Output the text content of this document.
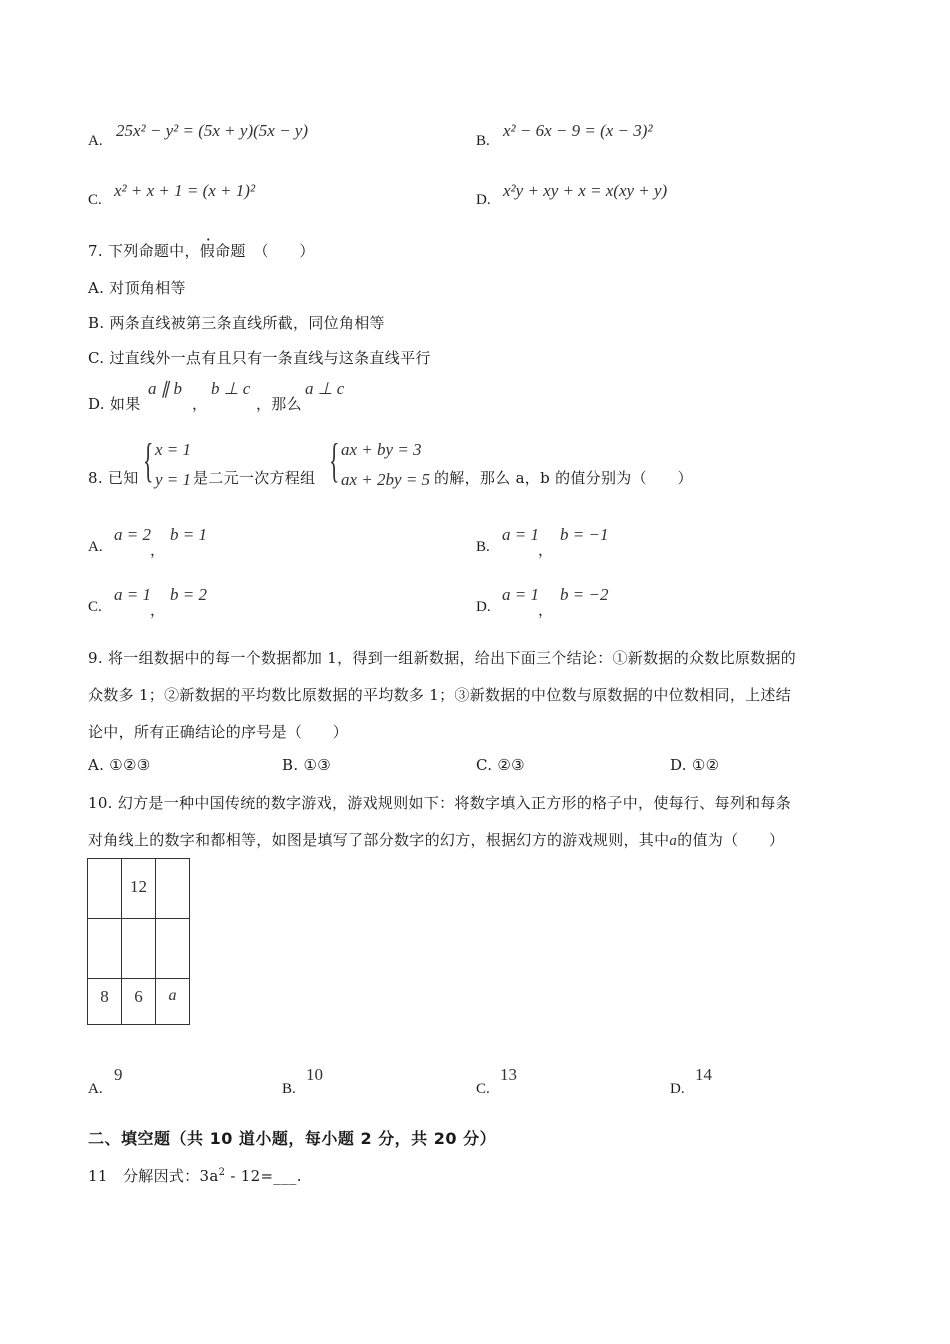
A.
25x² − y² = (5x + y)(5x − y)
B.
x² − 6x − 9 = (x − 3)²
C. x² + x + 1 = (x + 1)²	D. x²y + xy + x = x(xy + y)
7. 下列命题中，假命题　（　　）
A. 对顶角相等
B. 两条直线被第三条直线所截，同位角相等
C. 过直线外一点有且只有一条直线与这条直线平行
D. 如果
a ∥ b
，
b ⊥ c
，那么
a ⊥ c
8. 已知 { x = 1
y = 1 是二元一次方程组 { ax + by = 3
ax + 2by = 5 的解，那么 a，b 的值分别为（　　）
A.
a = 2
，
b = 1
B.
a = 1
，
b = −1
C.
a = 1
，
b = 2
D.
a = 1
，
b = −2
9. 将一组数据中的每一个数据都加 1，得到一组新数据，给出下面三个结论：①新数据的众数比原数据的
众数多 1；②新数据的平均数比原数据的平均数多 1；③新数据的中位数与原数据的中位数相同，上述结
论中，所有正确结论的序号是（　　）
A. ①②③	B. ①③	C. ②③	D. ①②
10. 幻方是一种中国传统的数字游戏，游戏规则如下：将数字填入正方形的格子中，使每行、每列和每条
对角线上的数字和都相等，如图是填写了部分数字的幻方，根据幻方的游戏规则，其中a的值为（　　）
	12	

8	6	a
A.
9
B.
10
C.
13
D.
14
二、填空题（共 10 道小题，每小题 2 分，共 20 分）
11　分解因式：$3a^2$ - 12=___.
